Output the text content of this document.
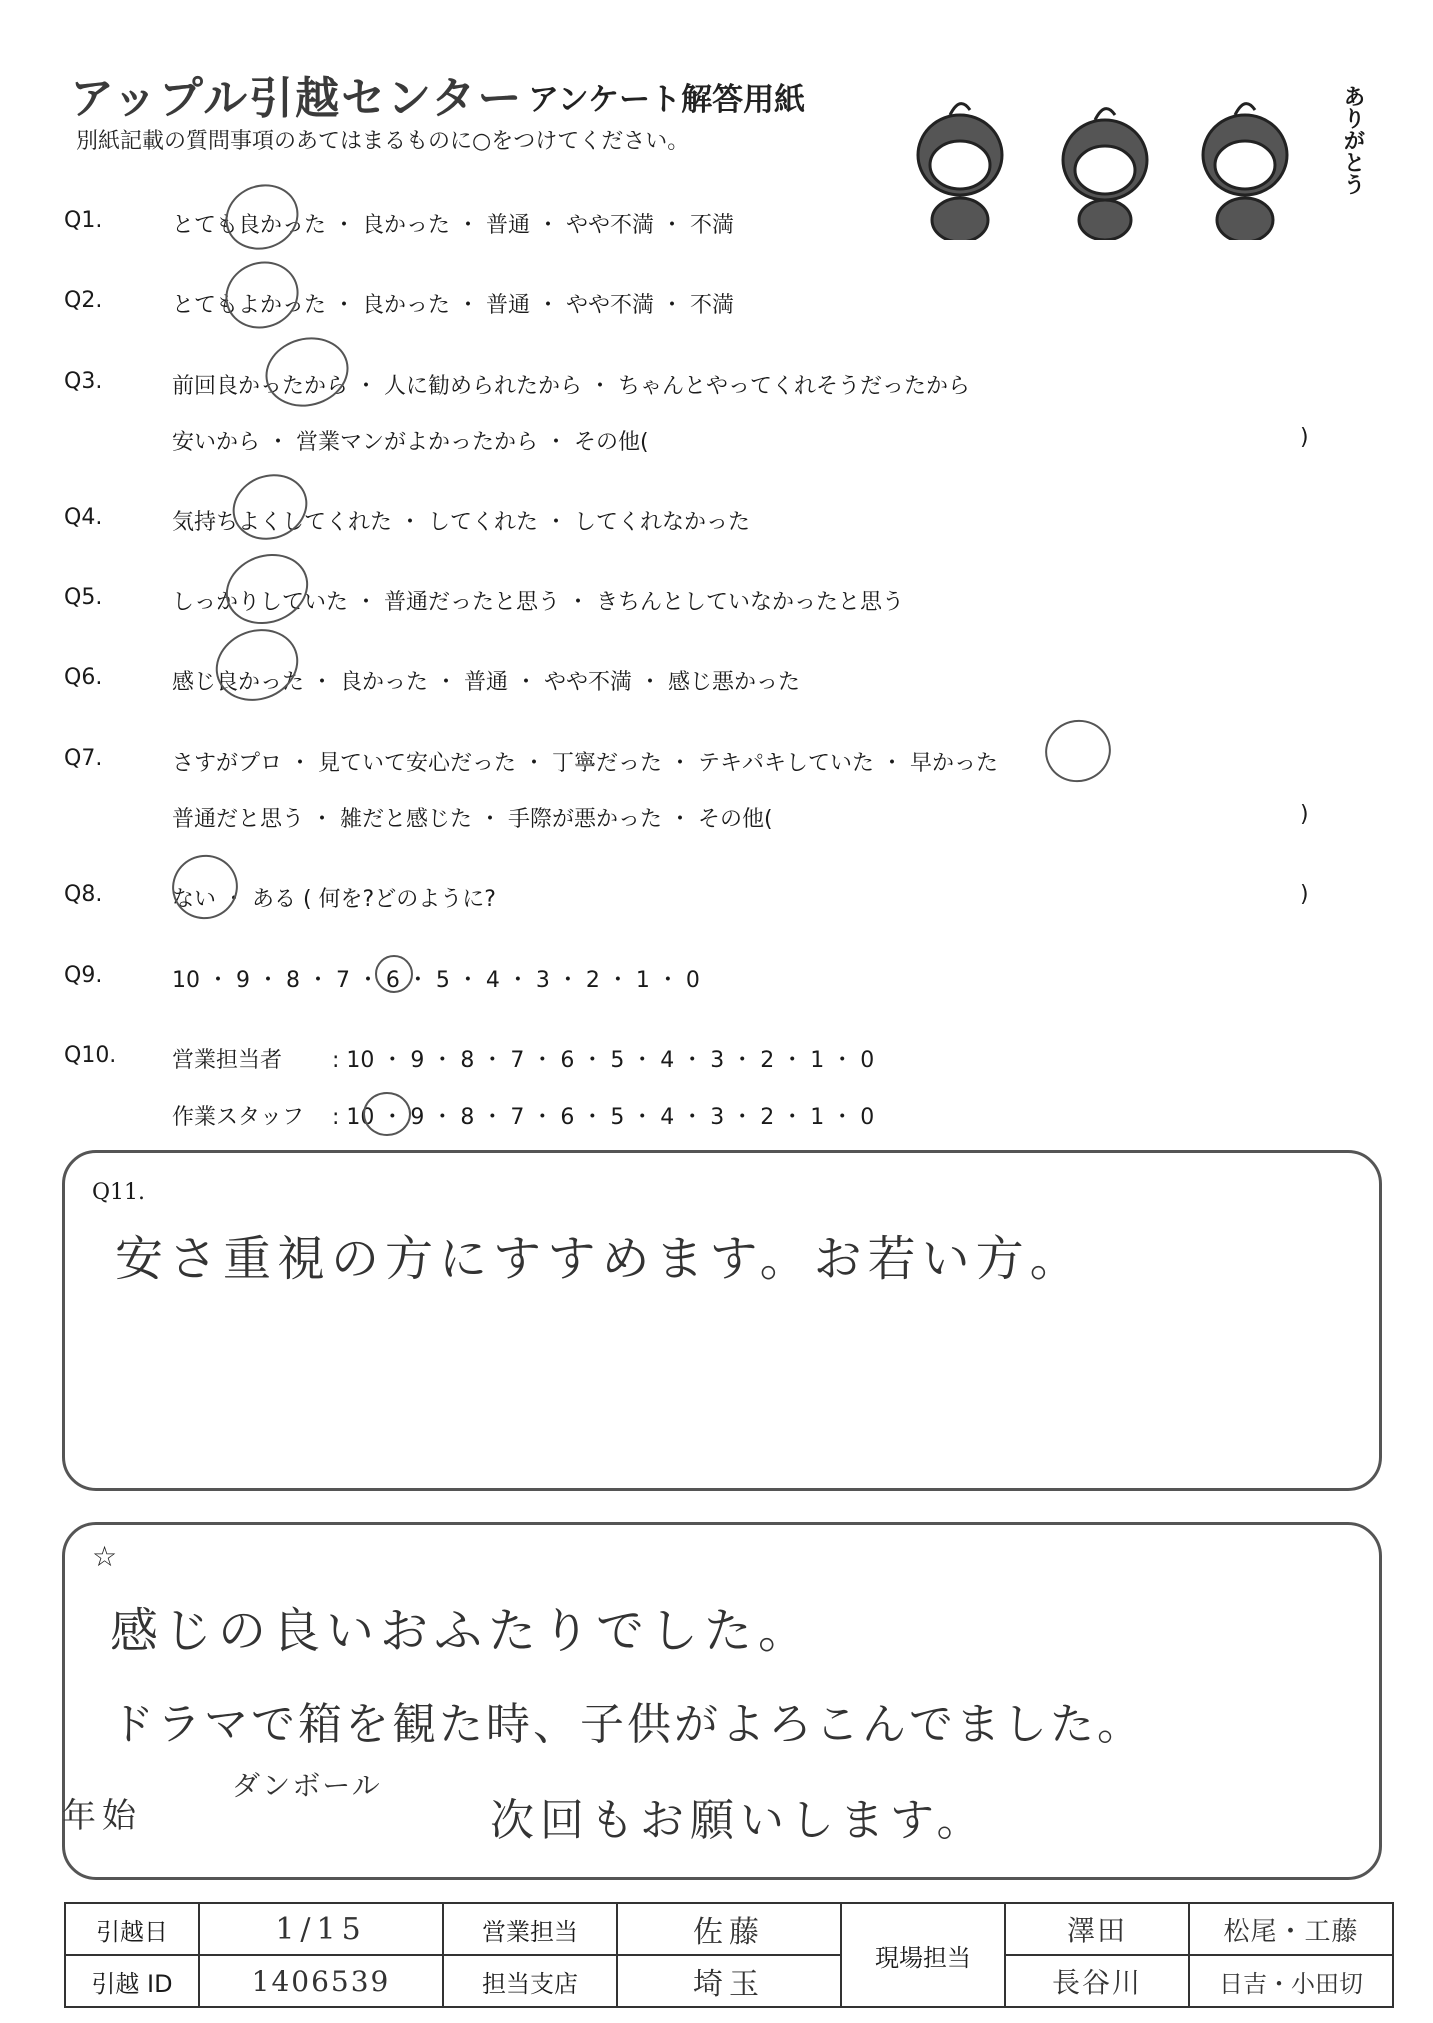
アップル引越センター アンケート解答用紙
別紙記載の質問事項のあてはまるものに○をつけてください。	ありがとう
Q1.	とても良かった ・ 良かった ・ 普通 ・ やや不満 ・ 不満
Q2.	とてもよかった ・ 良かった ・ 普通 ・ やや不満 ・ 不満
Q3.	前回良かったから ・ 人に勧められたから ・ ちゃんとやってくれそうだったから
安いから ・ 営業マンがよかったから ・ その他(	)
Q4.	気持ちよくしてくれた ・ してくれた ・ してくれなかった
Q5.	しっかりしていた ・ 普通だったと思う ・ きちんとしていなかったと思う
Q6.	感じ良かった ・ 良かった ・ 普通 ・ やや不満 ・ 感じ悪かった
Q7.	さすがプロ ・ 見ていて安心だった ・ 丁寧だった ・ テキパキしていた ・ 早かった
普通だと思う ・ 雑だと感じた ・ 手際が悪かった ・ その他(	)
Q8.	ない ・ ある ( 何を?どのように?	)
Q9.	10 ・ 9 ・ 8 ・ 7 ・ 6 ・ 5 ・ 4 ・ 3 ・ 2 ・ 1 ・ 0
Q10.	営業担当者 : 10 ・ 9 ・ 8 ・ 7 ・ 6 ・ 5 ・ 4 ・ 3 ・ 2 ・ 1 ・ 0
作業スタッフ : 10 ・ 9 ・ 8 ・ 7 ・ 6 ・ 5 ・ 4 ・ 3 ・ 2 ・ 1 ・ 0
Q11.
安さ重視の方にすすめます。お若い方。
☆
感じの良いおふたりでした。
ドラマで箱を観た時、子供がよろこんでました。
年始
ダンボール
次回もお願いします。
引越日	1/15	営業担当	佐藤	現場担当	澤田	松尾・工藤
引越 ID	1406539	担当支店	埼玉		長谷川	日吉・小田切
